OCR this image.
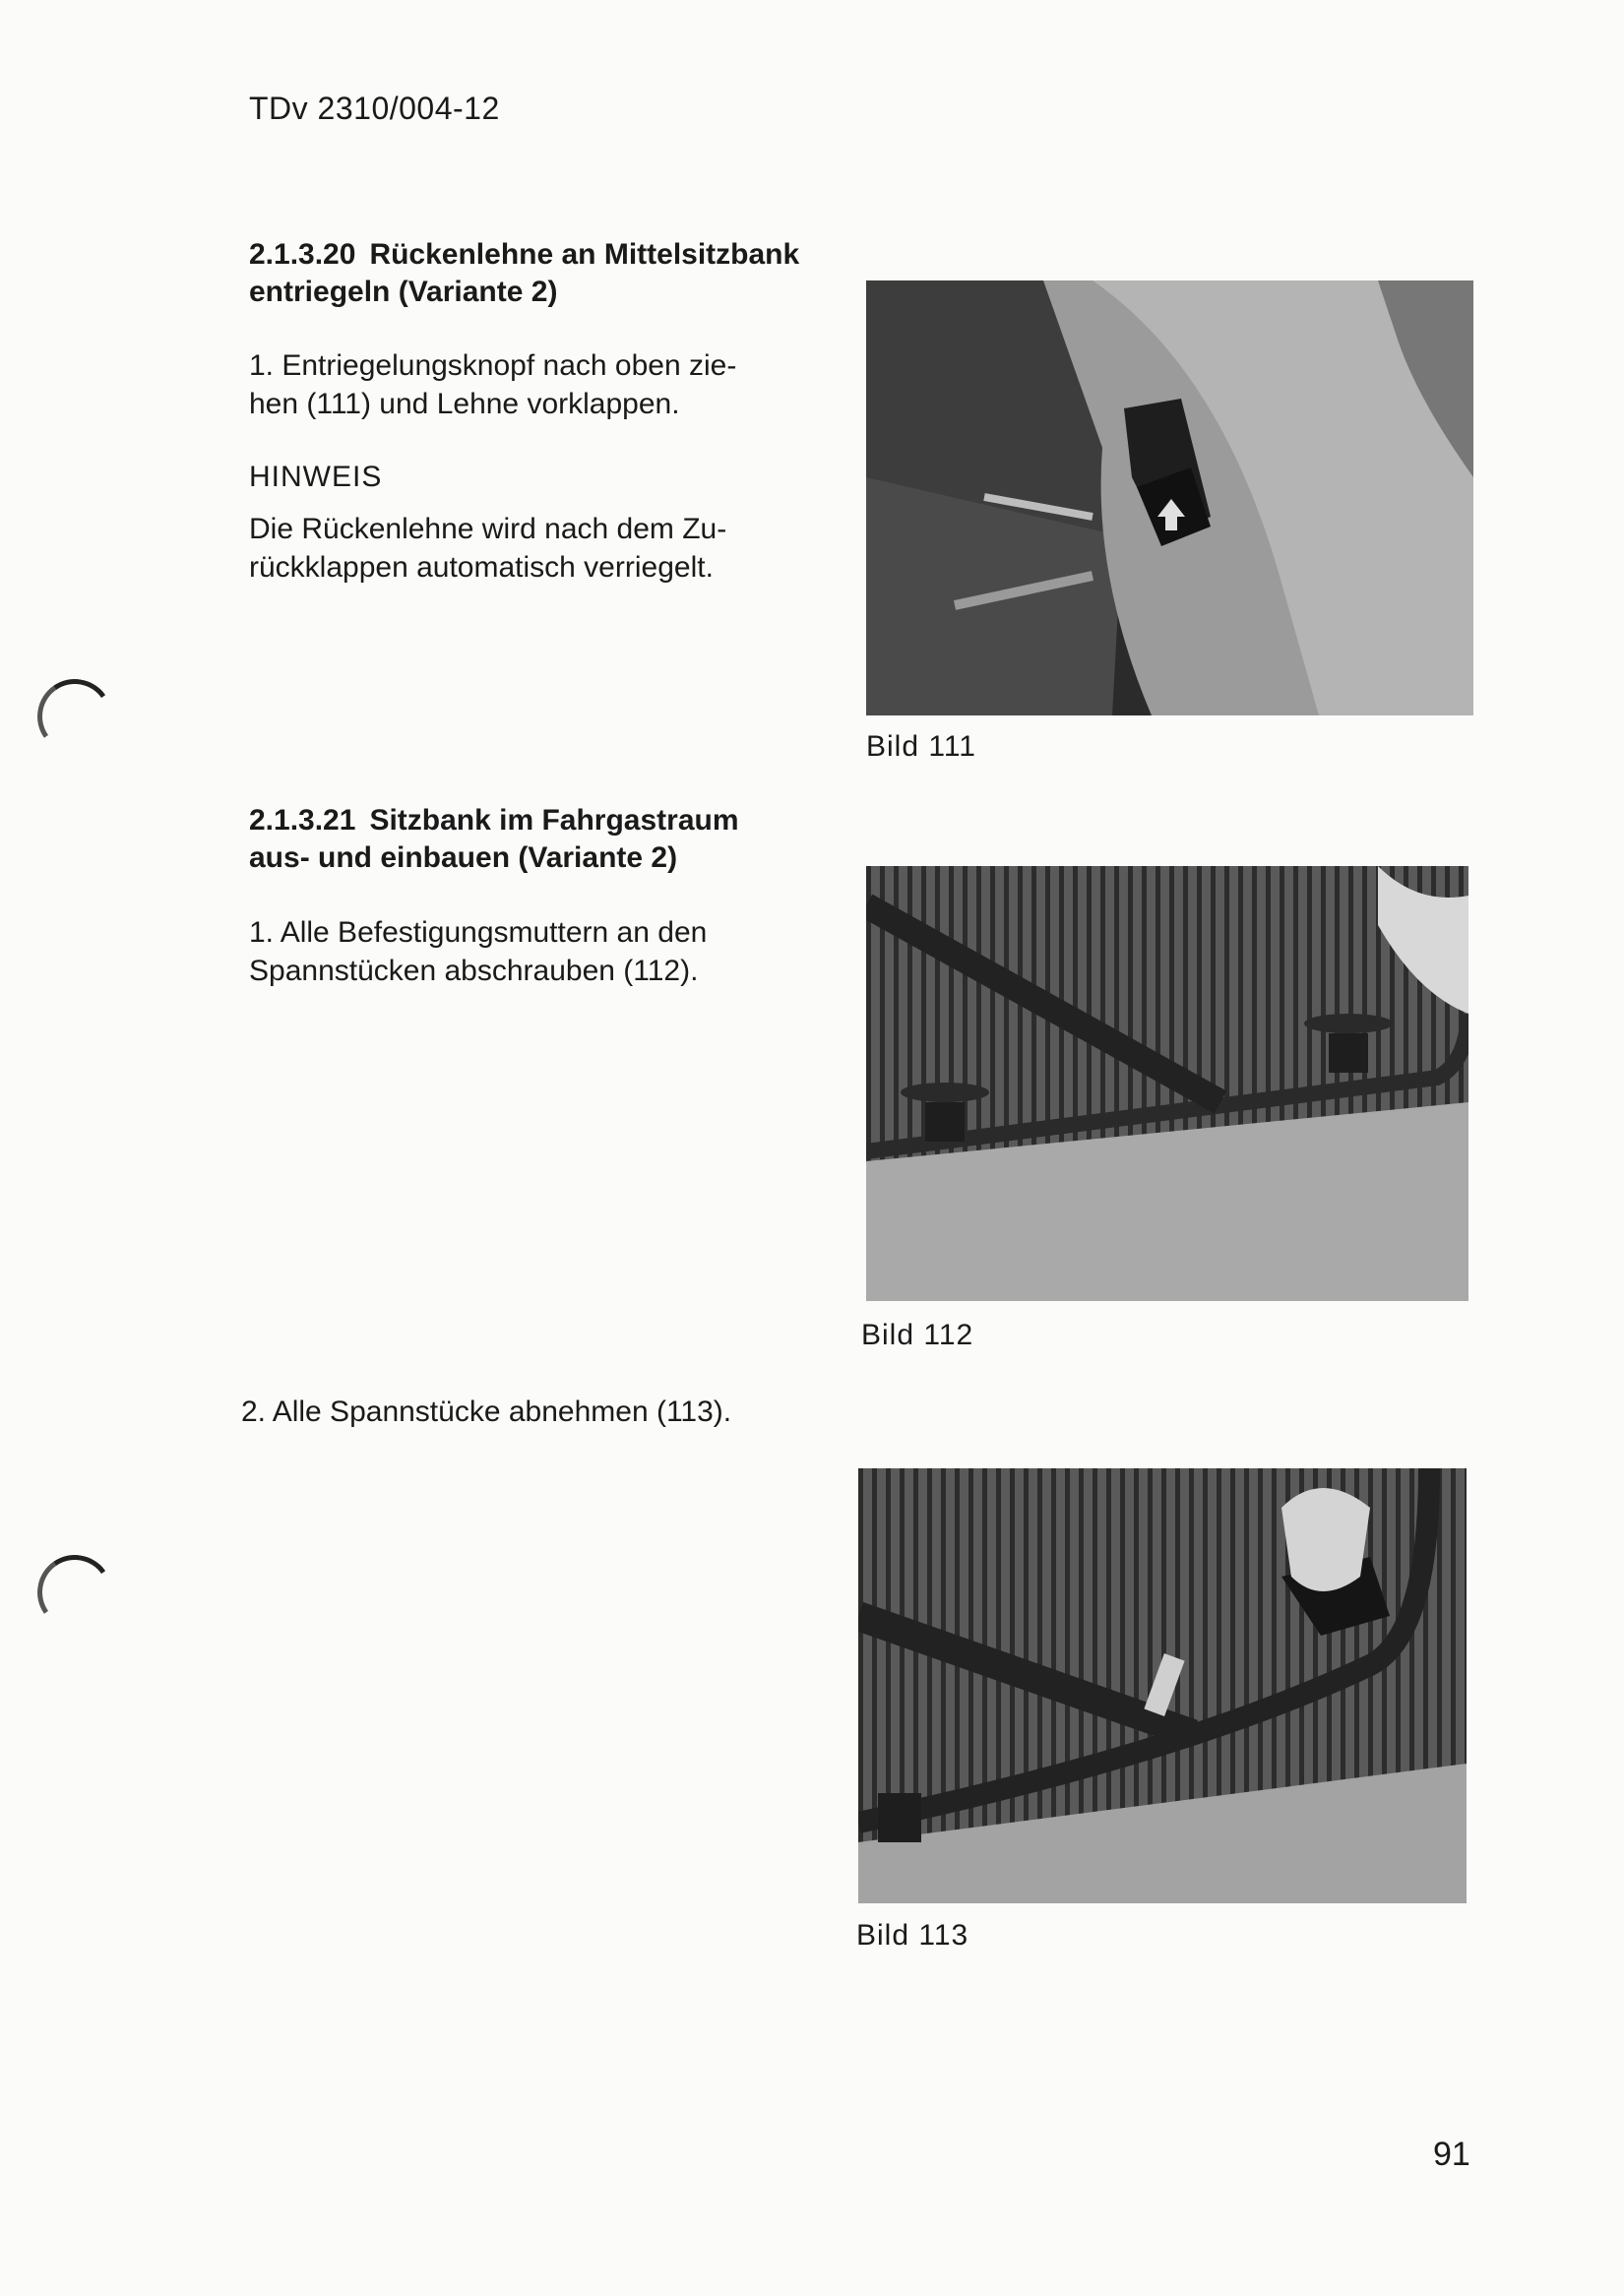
TDv 2310/004-12
2.1.3.20 Rückenlehne an Mittelsitzbank
entriegeln (Variante 2)
1. Entriegelungsknopf nach oben zie-
hen (111) und Lehne vorklappen.
HINWEIS
Die Rückenlehne wird nach dem Zu-
rückklappen automatisch verriegelt.
Bild 111
2.1.3.21 Sitzbank im Fahrgastraum
aus- und einbauen (Variante 2)
1. Alle Befestigungsmuttern an den
Spannstücken abschrauben (112).
Bild 112
2. Alle Spannstücke abnehmen (113).
Bild 113
91
